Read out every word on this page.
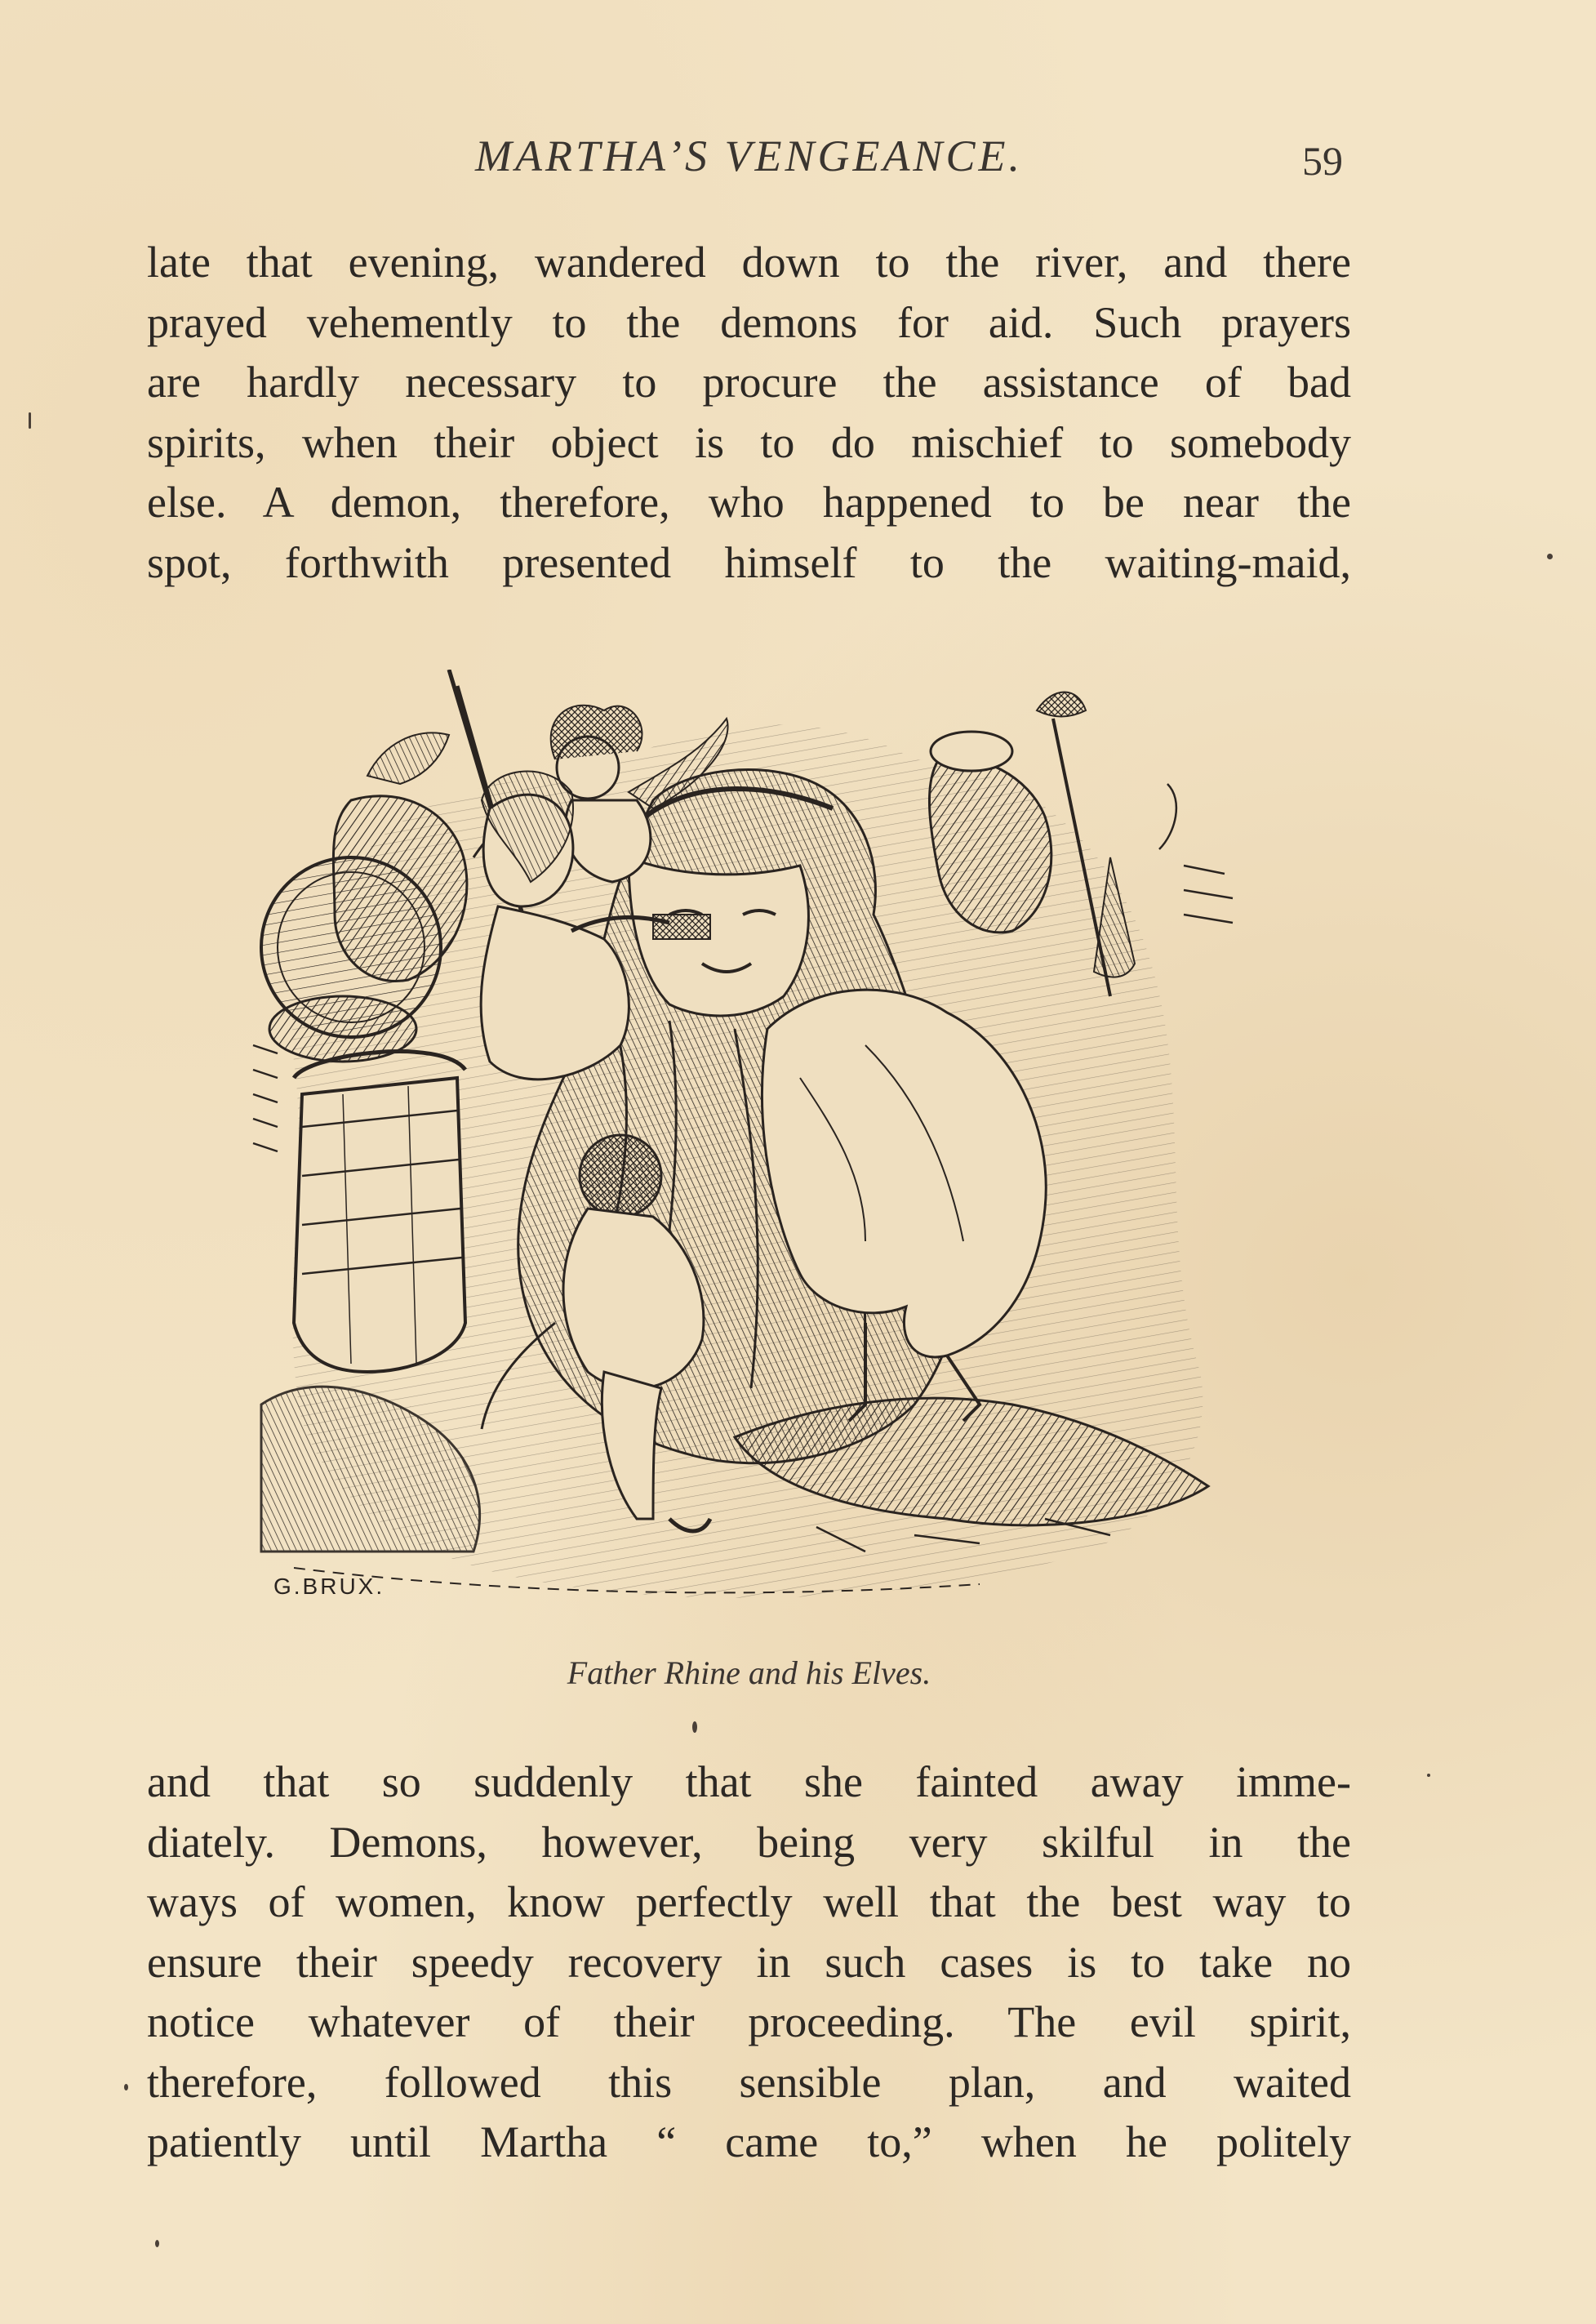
MARTHA’S VENGEANCE.	59
late that evening, wandered down to the river, and there
prayed vehemently to the demons for aid. Such prayers
are hardly necessary to procure the assistance of bad
spirits, when their object is to do mischief to somebody
else. A demon, therefore, who happened to be near the
spot, forthwith presented himself to the waiting-maid,
G.BRUX.
Father Rhine and his Elves.
and that so suddenly that she fainted away imme-
diately. Demons, however, being very skilful in the
ways of women, know perfectly well that the best way to
ensure their speedy recovery in such cases is to take no
notice whatever of their proceeding. The evil spirit,
therefore, followed this sensible plan, and waited
patiently until Martha “ came to,” when he politely
